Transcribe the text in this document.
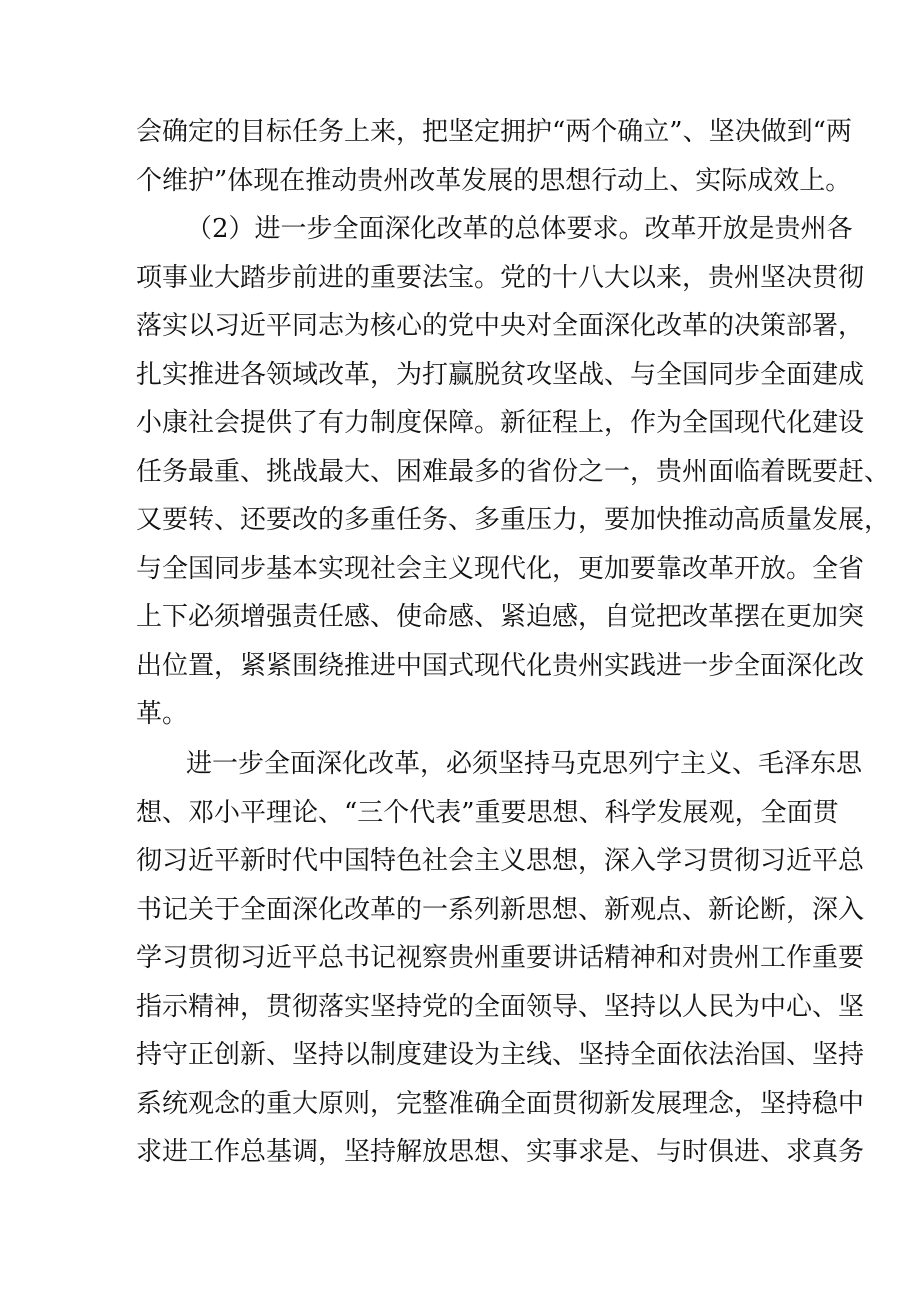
会确定的目标任务上来，把坚定拥护“两个确立”、坚决做到“两
个维护”体现在推动贵州改革发展的思想行动上、实际成效上。
（2）进一步全面深化改革的总体要求。改革开放是贵州各
项事业大踏步前进的重要法宝。党的十八大以来，贵州坚决贯彻
落实以习近平同志为核心的党中央对全面深化改革的决策部署，
扎实推进各领域改革，为打赢脱贫攻坚战、与全国同步全面建成
小康社会提供了有力制度保障。新征程上，作为全国现代化建设
任务最重、挑战最大、困难最多的省份之一，贵州面临着既要赶、
又要转、还要改的多重任务、多重压力，要加快推动高质量发展，
与全国同步基本实现社会主义现代化，更加要靠改革开放。全省
上下必须增强责任感、使命感、紧迫感，自觉把改革摆在更加突
出位置，紧紧围绕推进中国式现代化贵州实践进一步全面深化改
革。
进一步全面深化改革，必须坚持马克思列宁主义、毛泽东思
想、邓小平理论、“三个代表”重要思想、科学发展观，全面贯
彻习近平新时代中国特色社会主义思想，深入学习贯彻习近平总
书记关于全面深化改革的一系列新思想、新观点、新论断，深入
学习贯彻习近平总书记视察贵州重要讲话精神和对贵州工作重要
指示精神，贯彻落实坚持党的全面领导、坚持以人民为中心、坚
持守正创新、坚持以制度建设为主线、坚持全面依法治国、坚持
系统观念的重大原则，完整准确全面贯彻新发展理念，坚持稳中
求进工作总基调，坚持解放思想、实事求是、与时俱进、求真务
